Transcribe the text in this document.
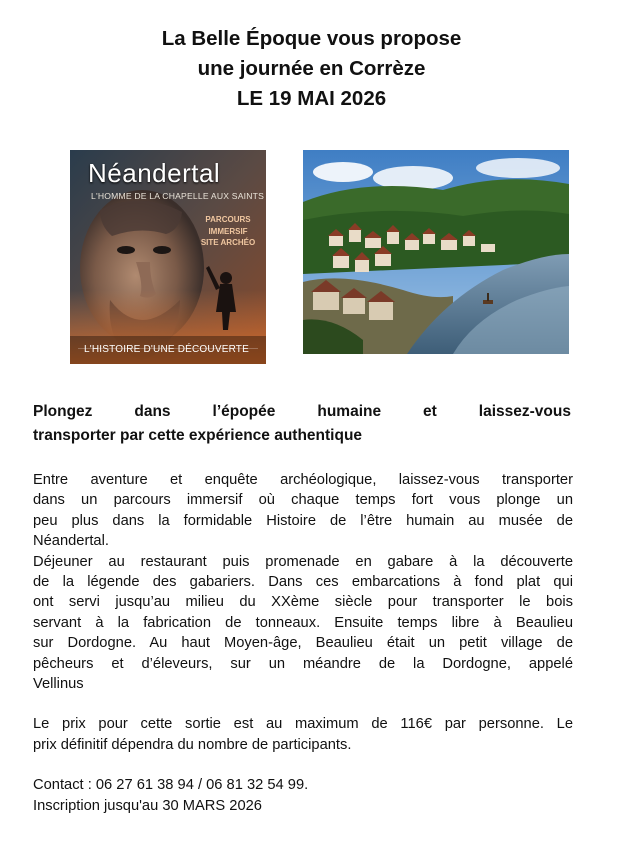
La Belle Époque vous propose
une journée en Corrèze
LE 19 MAI 2026
Néandertal
L'HOMME DE LA CHAPELLE AUX SAINTS
PARCOURS
IMMERSIF
SITE ARCHÉO
L'HISTOIRE D'UNE DÉCOUVERTE
Plongez	dans	l’épopée	humaine	et	laissez-vous
transporter par cette expérience authentique
Entre aventure et enquête archéologique, laissez-vous transporter
dans un parcours immersif où chaque temps fort vous plonge un
peu plus dans la formidable Histoire de l’être humain au musée de
Néandertal.
Déjeuner au restaurant puis promenade en gabare à la découverte
de la légende des gabariers. Dans ces embarcations à fond plat qui
ont servi jusqu’au milieu du XXème siècle pour transporter le bois
servant à la fabrication de tonneaux. Ensuite temps libre à Beaulieu
sur Dordogne. Au haut Moyen-âge, Beaulieu était un petit village de
pêcheurs et d’éleveurs, sur un méandre de la Dordogne, appelé
Vellinus
Le prix pour cette sortie est au maximum de 116€ par personne. Le
prix définitif dépendra du nombre de participants.
Contact : 06 27 61 38 94 / 06 81 32 54 99.
Inscription jusqu'au 30 MARS 2026
